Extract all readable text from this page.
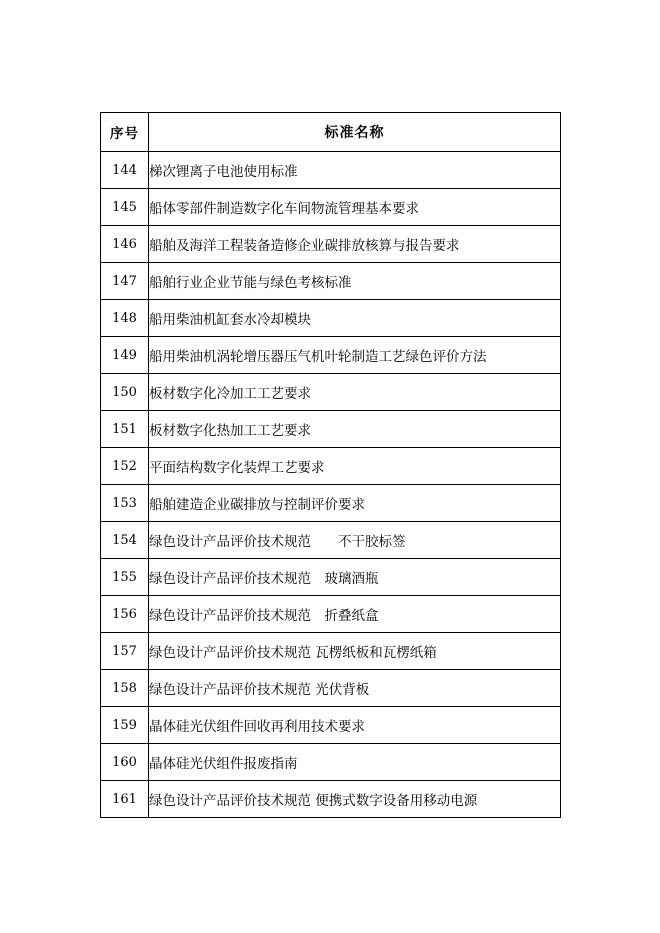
序号	标准名称
144	梯次锂离子电池使用标准
145	船体零部件制造数字化车间物流管理基本要求
146	船舶及海洋工程装备造修企业碳排放核算与报告要求
147	船舶行业企业节能与绿色考核标准
148	船用柴油机缸套水冷却模块
149	船用柴油机涡轮增压器压气机叶轮制造工艺绿色评价方法
150	板材数字化冷加工工艺要求
151	板材数字化热加工工艺要求
152	平面结构数字化装焊工艺要求
153	船舶建造企业碳排放与控制评价要求
154	绿色设计产品评价技术规范　　不干胶标签
155	绿色设计产品评价技术规范　玻璃酒瓶
156	绿色设计产品评价技术规范　折叠纸盒
157	绿色设计产品评价技术规范 瓦楞纸板和瓦楞纸箱
158	绿色设计产品评价技术规范 光伏背板
159	晶体硅光伏组件回收再利用技术要求
160	晶体硅光伏组件报废指南
161	绿色设计产品评价技术规范 便携式数字设备用移动电源
